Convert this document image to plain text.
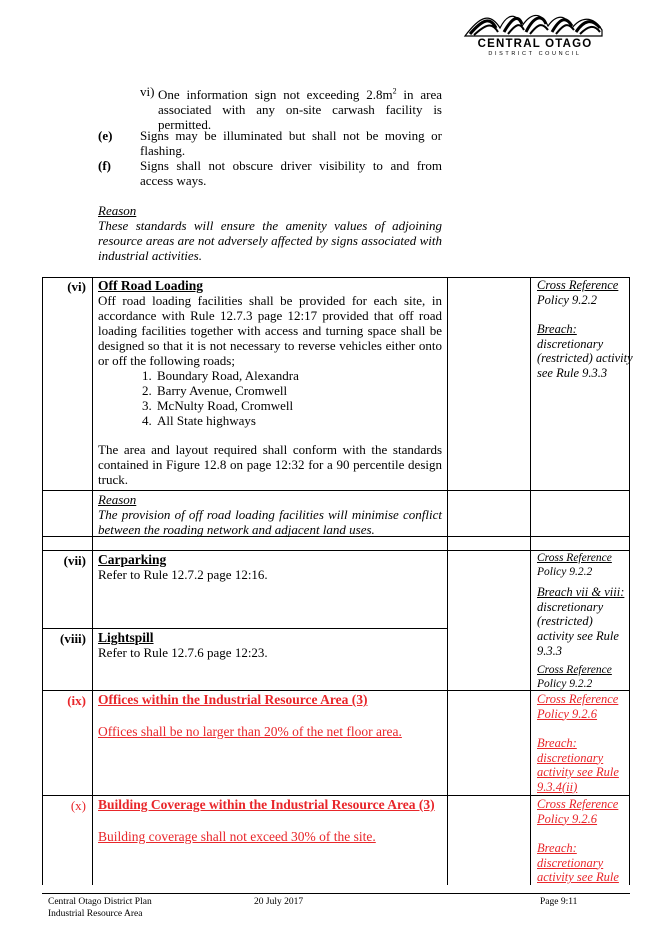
CENTRAL OTAGO
DISTRICT COUNCIL
vi) One information sign not exceeding $2.8m^2$ in area associated with any on-site carwash facility is permitted.
(e) Signs may be illuminated but shall not be moving or flashing.
(f) Signs shall not obscure driver visibility to and from access ways.
Reason
These standards will ensure the amenity values of adjoining resource areas are not adversely affected by signs associated with industrial activities.
(vi) Off Road Loading
Off road loading facilities shall be provided for each site, in accordance with Rule 12.7.3 page 12:17 provided that off road loading facilities together with access and turning space shall be designed so that it is not necessary to reverse vehicles either onto or off the following roads;
1. Boundary Road, Alexandra
2. Barry Avenue, Cromwell
3. McNulty Road, Cromwell
4. All State highways
The area and layout required shall conform with the standards contained in Figure 12.8 on page 12:32 for a 90 percentile design truck.

Cross Reference

Policy 9.2.2

Breach:

discretionary (restricted) activity see Rule 9.3.3

Reason
The provision of off road loading facilities will minimise conflict between the roading network and adjacent land uses.
(vii) Carparking
Refer to Rule 12.7.2 page 12:16.

Cross Reference

Policy 9.2.2

Breach vii & viii:

discretionary (restricted)

(viii) Lightspill
Refer to Rule 12.7.6 page 12:23.

activity see Rule 9.3.3

Cross Reference

Policy 9.2.2

(ix) Offices within the Industrial Resource Area (3)
Offices shall be no larger than 20% of the net floor area.

Cross Reference

Policy 9.2.6

Breach:

discretionary activity see Rule 9.3.4(ii)

(x) Building Coverage within the Industrial Resource Area (3)
Building coverage shall not exceed 30% of the site.

Cross Reference

Policy 9.2.6

Breach:

discretionary activity see Rule

Central Otago District Plan
Industrial Resource Area
20 July 2017	Page 9:11
